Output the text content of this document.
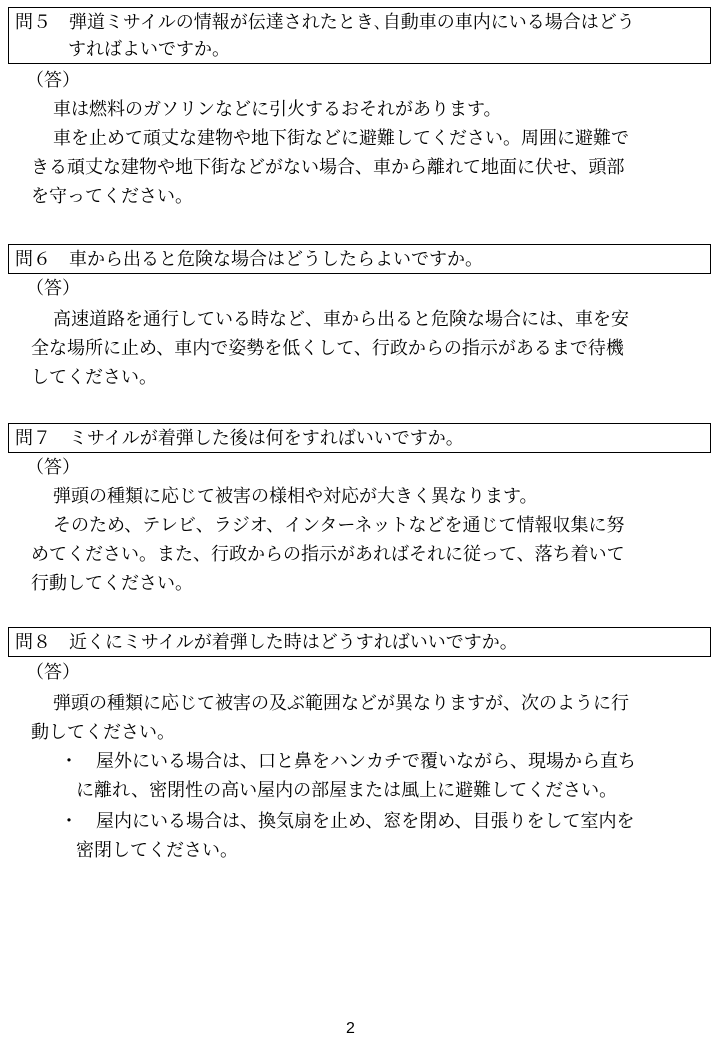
問５　弾道ミサイルの情報が伝達されたとき､自動車の車内にいる場合はどう
すればよいですか。
（答）
車は燃料のガソリンなどに引火するおそれがあります。
車を止めて頑丈な建物や地下街などに避難してください。周囲に避難で
きる頑丈な建物や地下街などがない場合、車から離れて地面に伏せ、頭部
を守ってください。
問６　車から出ると危険な場合はどうしたらよいですか。
（答）
高速道路を通行している時など、車から出ると危険な場合には、車を安
全な場所に止め、車内で姿勢を低くして、行政からの指示があるまで待機
してください。
問７　ミサイルが着弾した後は何をすればいいですか。
（答）
弾頭の種類に応じて被害の様相や対応が大きく異なります。
そのため、テレビ、ラジオ、インターネットなどを通じて情報収集に努
めてください。また、行政からの指示があればそれに従って、落ち着いて
行動してください。
問８　近くにミサイルが着弾した時はどうすればいいですか。
（答）
弾頭の種類に応じて被害の及ぶ範囲などが異なりますが、次のように行
動してください。
・	屋外にいる場合は、口と鼻をハンカチで覆いながら、現場から直ち
に離れ、密閉性の高い屋内の部屋または風上に避難してください。
・	屋内にいる場合は、換気扇を止め、窓を閉め、目張りをして室内を
密閉してください。
2
